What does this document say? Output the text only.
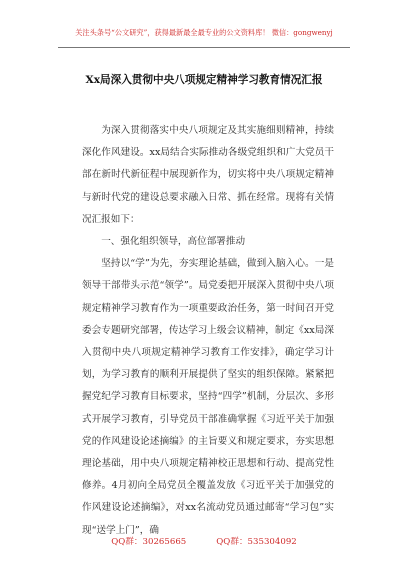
关注头条号“公文研究”，获得最新最全最专业的公文资料库！ 微信：gongwenyj
Xx局深入贯彻中央八项规定精神学习教育情况汇报

为深入贯彻落实中央八项规定及其实施细则精神，持续深化作风建设。xx局结合实际推动各级党组织和广大党员干部在新时代新征程中展现新作为，切实将中央八项规定精神与新时代党的建设总要求融入日常、抓在经常。现将有关情况汇报如下：

一、强化组织领导，高位部署推动

坚持以“学”为先，夯实理论基础，做到入脑入心。一是领导干部带头示范“领学”。局党委把开展深入贯彻中央八项规定精神学习教育作为一项重要政治任务，第一时间召开党委会专题研究部署，传达学习上级会议精神，制定《xx局深入贯彻中央八项规定精神学习教育工作安排》，确定学习计划，为学习教育的顺利开展提供了坚实的组织保障。紧紧把握党纪学习教育目标要求，坚持“四学”机制，分层次、多形式开展学习教育，引导党员干部准确掌握《习近平关于加强党的作风建设论述摘编》的主旨要义和规定要求，夯实思想理论基础，用中央八项规定精神校正思想和行动、提高党性修养。4月初向全局党员全覆盖发放《习近平关于加强党的作风建设论述摘编》，对xx名流动党员通过邮寄“学习包”实现“送学上门”，确

QQ群：30265665	QQ群：535304092
